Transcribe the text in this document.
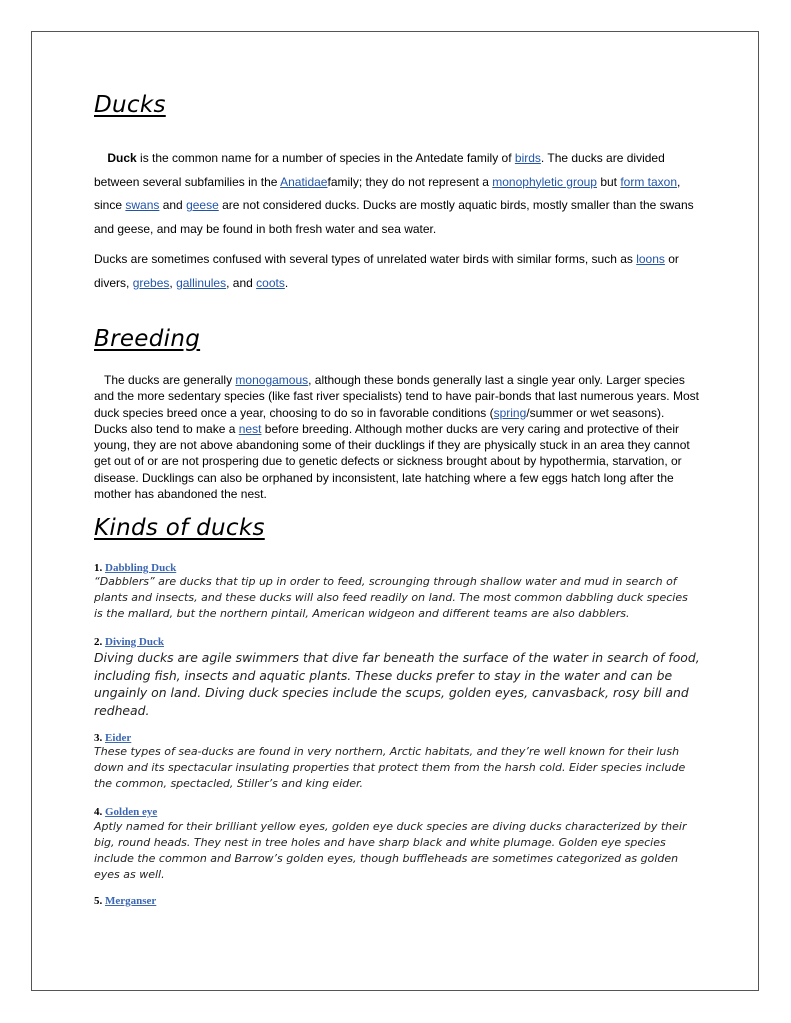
Ducks

Duck is the common name for a number of species in the Antedate family of birds. The ducks are divided between several subfamilies in the Anatidaefamily; they do not represent a monophyletic group but form taxon, since swans and geese are not considered ducks. Ducks are mostly aquatic birds, mostly smaller than the swans and geese, and may be found in both fresh water and sea water.

Ducks are sometimes confused with several types of unrelated water birds with similar forms, such as loons or divers, grebes, gallinules, and coots.

Breeding

The ducks are generally monogamous, although these bonds generally last a single year only. Larger species and the more sedentary species (like fast river specialists) tend to have pair-bonds that last numerous years. Most duck species breed once a year, choosing to do so in favorable conditions (spring/summer or wet seasons). Ducks also tend to make a nest before breeding. Although mother ducks are very caring and protective of their young, they are not above abandoning some of their ducklings if they are physically stuck in an area they cannot get out of or are not prospering due to genetic defects or sickness brought about by hypothermia, starvation, or disease. Ducklings can also be orphaned by inconsistent, late hatching where a few eggs hatch long after the mother has abandoned the nest.

Kinds of ducks

1. Dabbling Duck

“Dabblers” are ducks that tip up in order to feed, scrounging through shallow water and mud in search of plants and insects, and these ducks will also feed readily on land. The most common dabbling duck species is the mallard, but the northern pintail, American widgeon and different teams are also dabblers.

2. Diving Duck

Diving ducks are agile swimmers that dive far beneath the surface of the water in search of food, including fish, insects and aquatic plants. These ducks prefer to stay in the water and can be ungainly on land. Diving duck species include the scups, golden eyes, canvasback, rosy bill and redhead.

3. Eider

These types of sea-ducks are found in very northern, Arctic habitats, and they’re well known for their lush down and its spectacular insulating properties that protect them from the harsh cold. Eider species include the common, spectacled, Stiller’s and king eider.

4. Golden eye

Aptly named for their brilliant yellow eyes, golden eye duck species are diving ducks characterized by their big, round heads. They nest in tree holes and have sharp black and white plumage. Golden eye species include the common and Barrow’s golden eyes, though buffleheads are sometimes categorized as golden eyes as well.

5. Merganser
